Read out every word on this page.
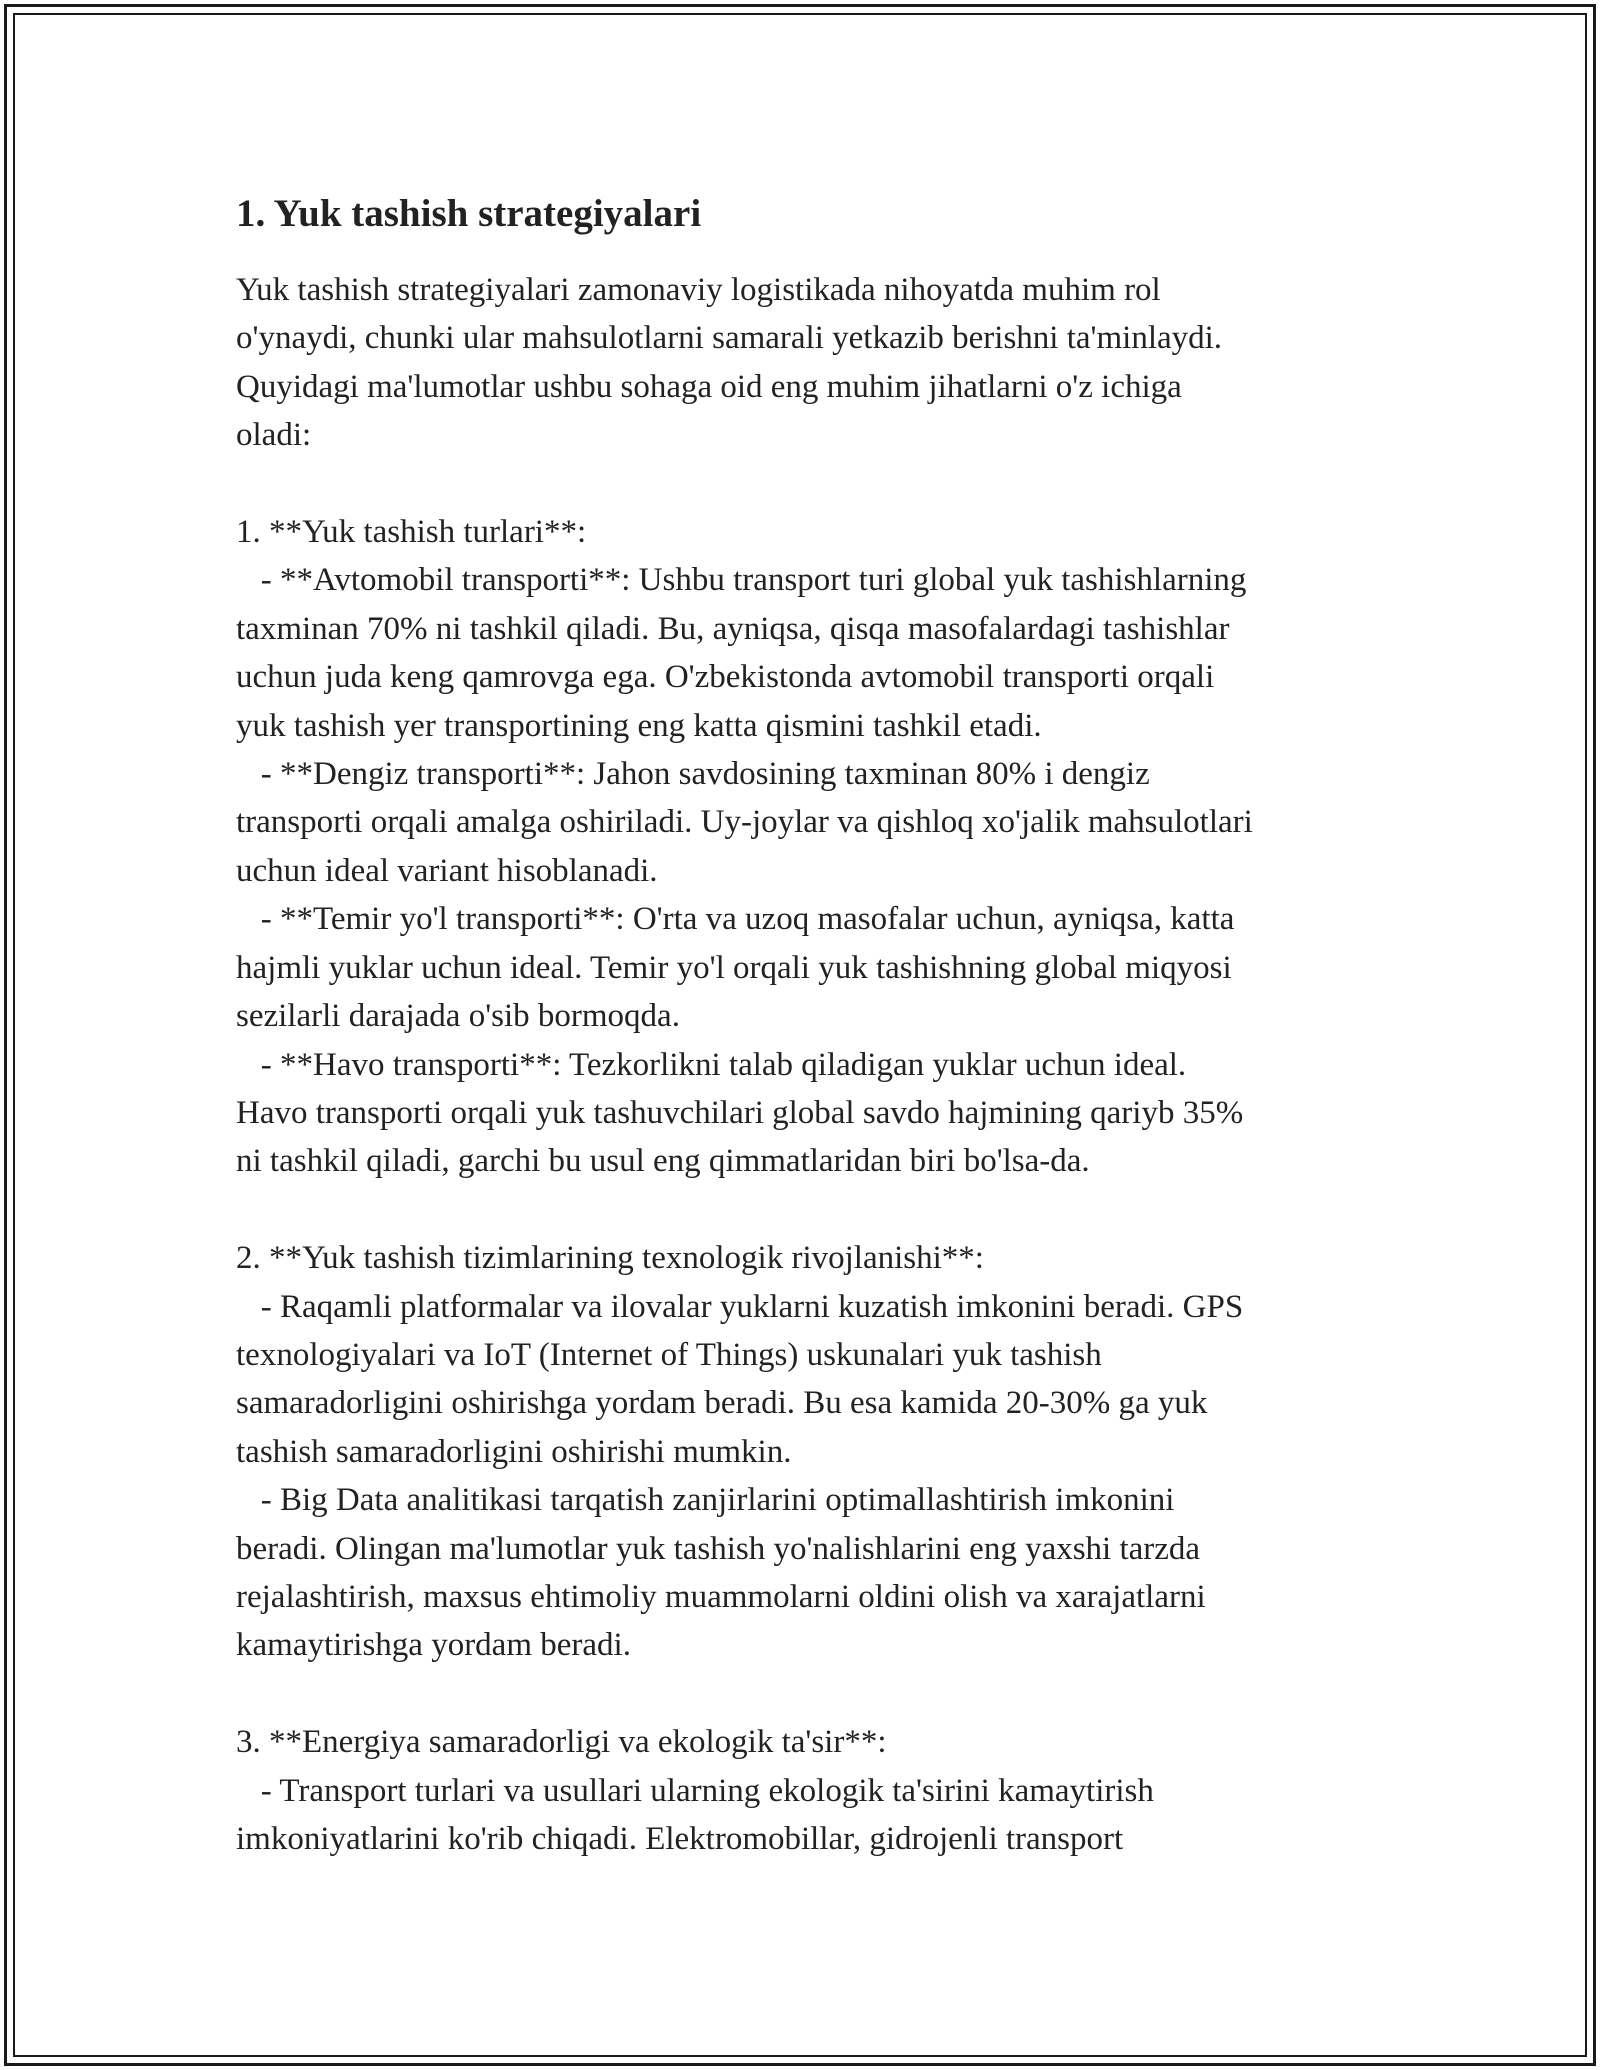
1. Yuk tashish strategiyalari

Yuk tashish strategiyalari zamonaviy logistikada nihoyatda muhim rol
o'ynaydi, chunki ular mahsulotlarni samarali yetkazib berishni ta'minlaydi.
Quyidagi ma'lumotlar ushbu sohaga oid eng muhim jihatlarni o'z ichiga
oladi:

1. **Yuk tashish turlari**:
- **Avtomobil transporti**: Ushbu transport turi global yuk tashishlarning
taxminan 70% ni tashkil qiladi. Bu, ayniqsa, qisqa masofalardagi tashishlar
uchun juda keng qamrovga ega. O'zbekistonda avtomobil transporti orqali
yuk tashish yer transportining eng katta qismini tashkil etadi.
- **Dengiz transporti**: Jahon savdosining taxminan 80% i dengiz
transporti orqali amalga oshiriladi. Uy-joylar va qishloq xo'jalik mahsulotlari
uchun ideal variant hisoblanadi.
- **Temir yo'l transporti**: O'rta va uzoq masofalar uchun, ayniqsa, katta
hajmli yuklar uchun ideal. Temir yo'l orqali yuk tashishning global miqyosi
sezilarli darajada o'sib bormoqda.
- **Havo transporti**: Tezkorlikni talab qiladigan yuklar uchun ideal.
Havo transporti orqali yuk tashuvchilari global savdo hajmining qariyb 35%
ni tashkil qiladi, garchi bu usul eng qimmatlaridan biri bo'lsa-da.

2. **Yuk tashish tizimlarining texnologik rivojlanishi**:
- Raqamli platformalar va ilovalar yuklarni kuzatish imkonini beradi. GPS
texnologiyalari va IoT (Internet of Things) uskunalari yuk tashish
samaradorligini oshirishga yordam beradi. Bu esa kamida 20-30% ga yuk
tashish samaradorligini oshirishi mumkin.
- Big Data analitikasi tarqatish zanjirlarini optimallashtirish imkonini
beradi. Olingan ma'lumotlar yuk tashish yo'nalishlarini eng yaxshi tarzda
rejalashtirish, maxsus ehtimoliy muammolarni oldini olish va xarajatlarni
kamaytirishga yordam beradi.

3. **Energiya samaradorligi va ekologik ta'sir**:
- Transport turlari va usullari ularning ekologik ta'sirini kamaytirish
imkoniyatlarini ko'rib chiqadi. Elektromobillar, gidrojenli transport
